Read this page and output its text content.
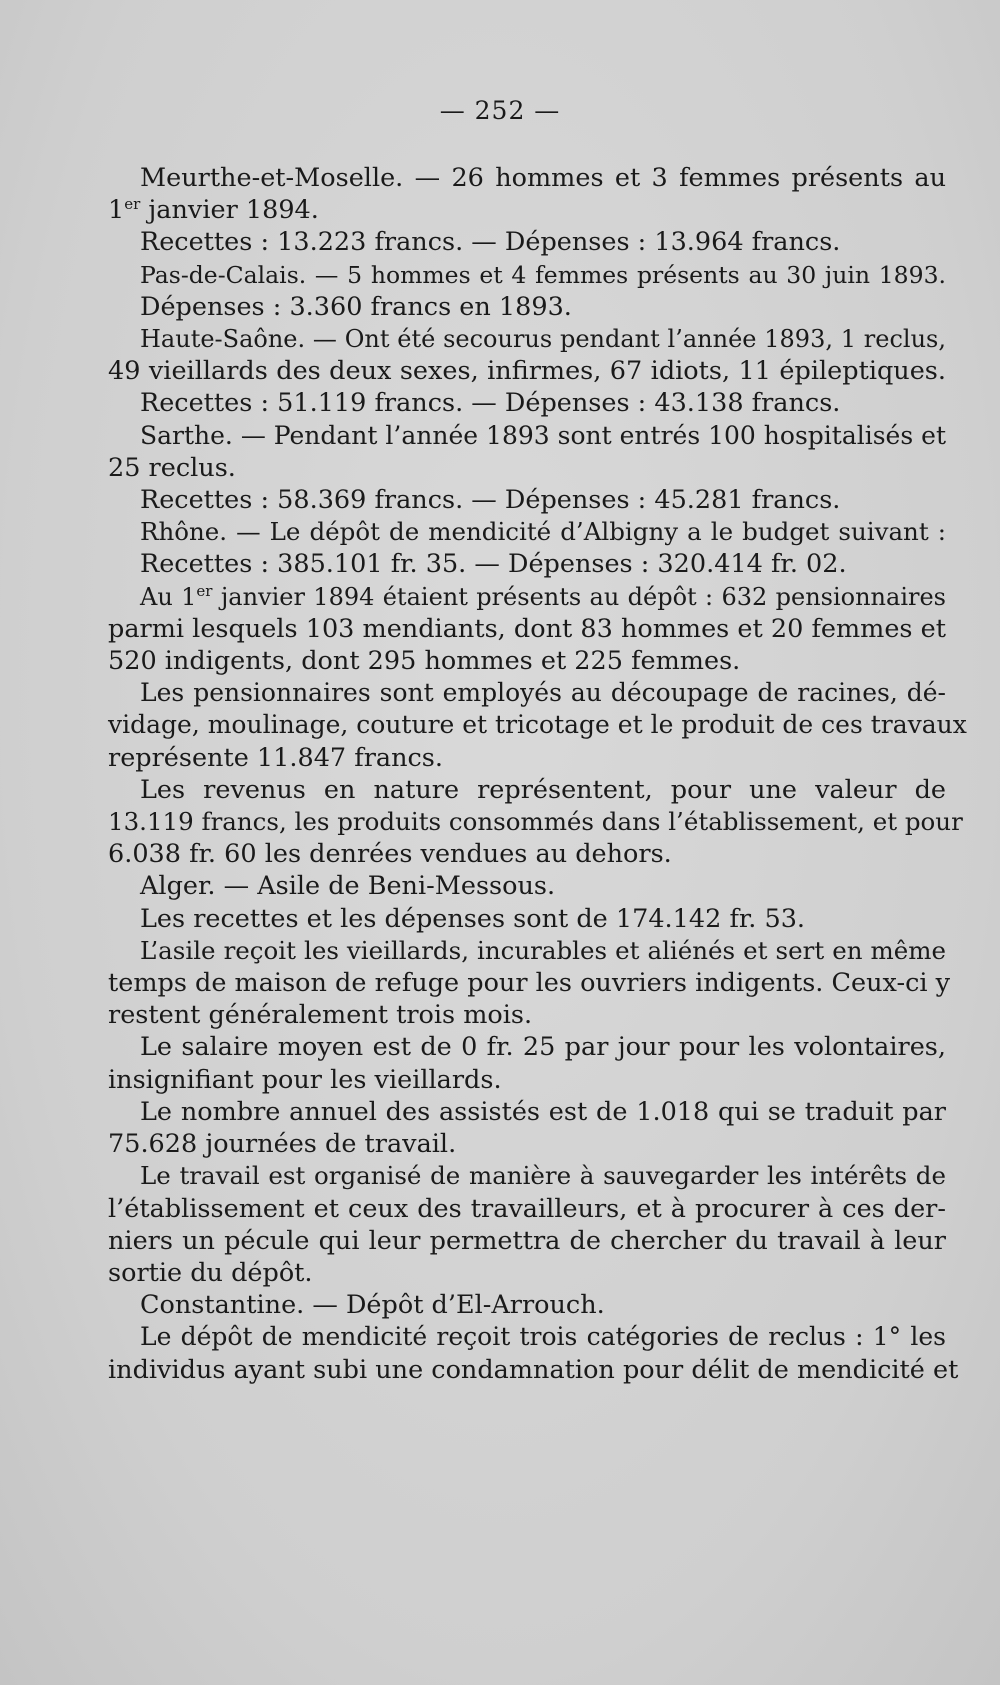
— 252 —
Meurthe-et-Moselle. — 26 hommes et 3 femmes présents au
1er janvier 1894.
Recettes : 13.223 francs. — Dépenses : 13.964 francs.
Pas-de-Calais. — 5 hommes et 4 femmes présents au 30 juin 1893.
Dépenses : 3.360 francs en 1893.
Haute-Saône. — Ont été secourus pendant l’année 1893, 1 reclus,
49 vieillards des deux sexes, infirmes, 67 idiots, 11 épileptiques.
Recettes : 51.119 francs. — Dépenses : 43.138 francs.
Sarthe. — Pendant l’année 1893 sont entrés 100 hospitalisés et
25 reclus.
Recettes : 58.369 francs. — Dépenses : 45.281 francs.
Rhône. — Le dépôt de mendicité d’Albigny a le budget suivant :
Recettes : 385.101 fr. 35. — Dépenses : 320.414 fr. 02.
Au 1er janvier 1894 étaient présents au dépôt : 632 pensionnaires
parmi lesquels 103 mendiants, dont 83 hommes et 20 femmes et
520 indigents, dont 295 hommes et 225 femmes.
Les pensionnaires sont employés au découpage de racines, dé-
vidage, moulinage, couture et tricotage et le produit de ces travaux
représente 11.847 francs.
Les revenus en nature représentent, pour une valeur de
13.119 francs, les produits consommés dans l’établissement, et pour
6.038 fr. 60 les denrées vendues au dehors.
Alger. — Asile de Beni-Messous.
Les recettes et les dépenses sont de 174.142 fr. 53.
L’asile reçoit les vieillards, incurables et aliénés et sert en même
temps de maison de refuge pour les ouvriers indigents. Ceux-ci y
restent généralement trois mois.
Le salaire moyen est de 0 fr. 25 par jour pour les volontaires,
insignifiant pour les vieillards.
Le nombre annuel des assistés est de 1.018 qui se traduit par
75.628 journées de travail.
Le travail est organisé de manière à sauvegarder les intérêts de
l’établissement et ceux des travailleurs, et à procurer à ces der-
niers un pécule qui leur permettra de chercher du travail à leur
sortie du dépôt.
Constantine. — Dépôt d’El-Arrouch.
Le dépôt de mendicité reçoit trois catégories de reclus : 1° les
individus ayant subi une condamnation pour délit de mendicité et
